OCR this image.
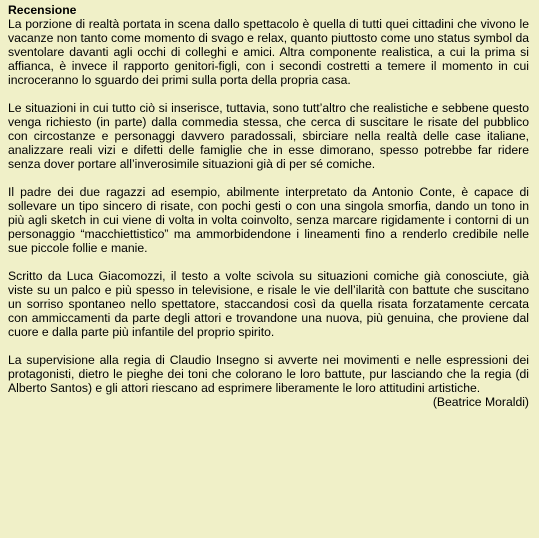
Recensione

La porzione di realtà portata in scena dallo spettacolo è quella di tutti quei cittadini che vivono le vacanze non tanto come momento di svago e relax, quanto piuttosto come uno status symbol da sventolare davanti agli occhi di colleghi e amici. Altra componente realistica, a cui la prima si affianca, è invece il rapporto genitori-figli, con i secondi costretti a temere il momento in cui incroceranno lo sguardo dei primi sulla porta della propria casa.

Le situazioni in cui tutto ciò si inserisce, tuttavia, sono tutt’altro che realistiche e sebbene questo venga richiesto (in parte) dalla commedia stessa, che cerca di suscitare le risate del pubblico con circostanze e personaggi davvero paradossali, sbirciare nella realtà delle case italiane, analizzare reali vizi e difetti delle famiglie che in esse dimorano, spesso potrebbe far ridere senza dover portare all’inverosimile situazioni già di per sé comiche.

Il padre dei due ragazzi ad esempio, abilmente interpretato da Antonio Conte, è capace di sollevare un tipo sincero di risate, con pochi gesti o con una singola smorfia, dando un tono in più agli sketch in cui viene di volta in volta coinvolto, senza marcare rigidamente i contorni di un personaggio “macchiettistico” ma ammorbidendone i lineamenti fino a renderlo credibile nelle sue piccole follie e manie.

Scritto da Luca Giacomozzi, il testo a volte scivola su situazioni comiche già conosciute, già viste su un palco e più spesso in televisione, e risale le vie dell’ilarità con battute che suscitano un sorriso spontaneo nello spettatore, staccandosi così da quella risata forzatamente cercata con ammiccamenti da parte degli attori e trovandone una nuova, più genuina, che proviene dal cuore e dalla parte più infantile del proprio spirito.

La supervisione alla regia di Claudio Insegno si avverte nei movimenti e nelle espressioni dei protagonisti, dietro le pieghe dei toni che colorano le loro battute, pur lasciando che la regia (di Alberto Santos) e gli attori riescano ad esprimere liberamente le loro attitudini artistiche.

(Beatrice Moraldi)
